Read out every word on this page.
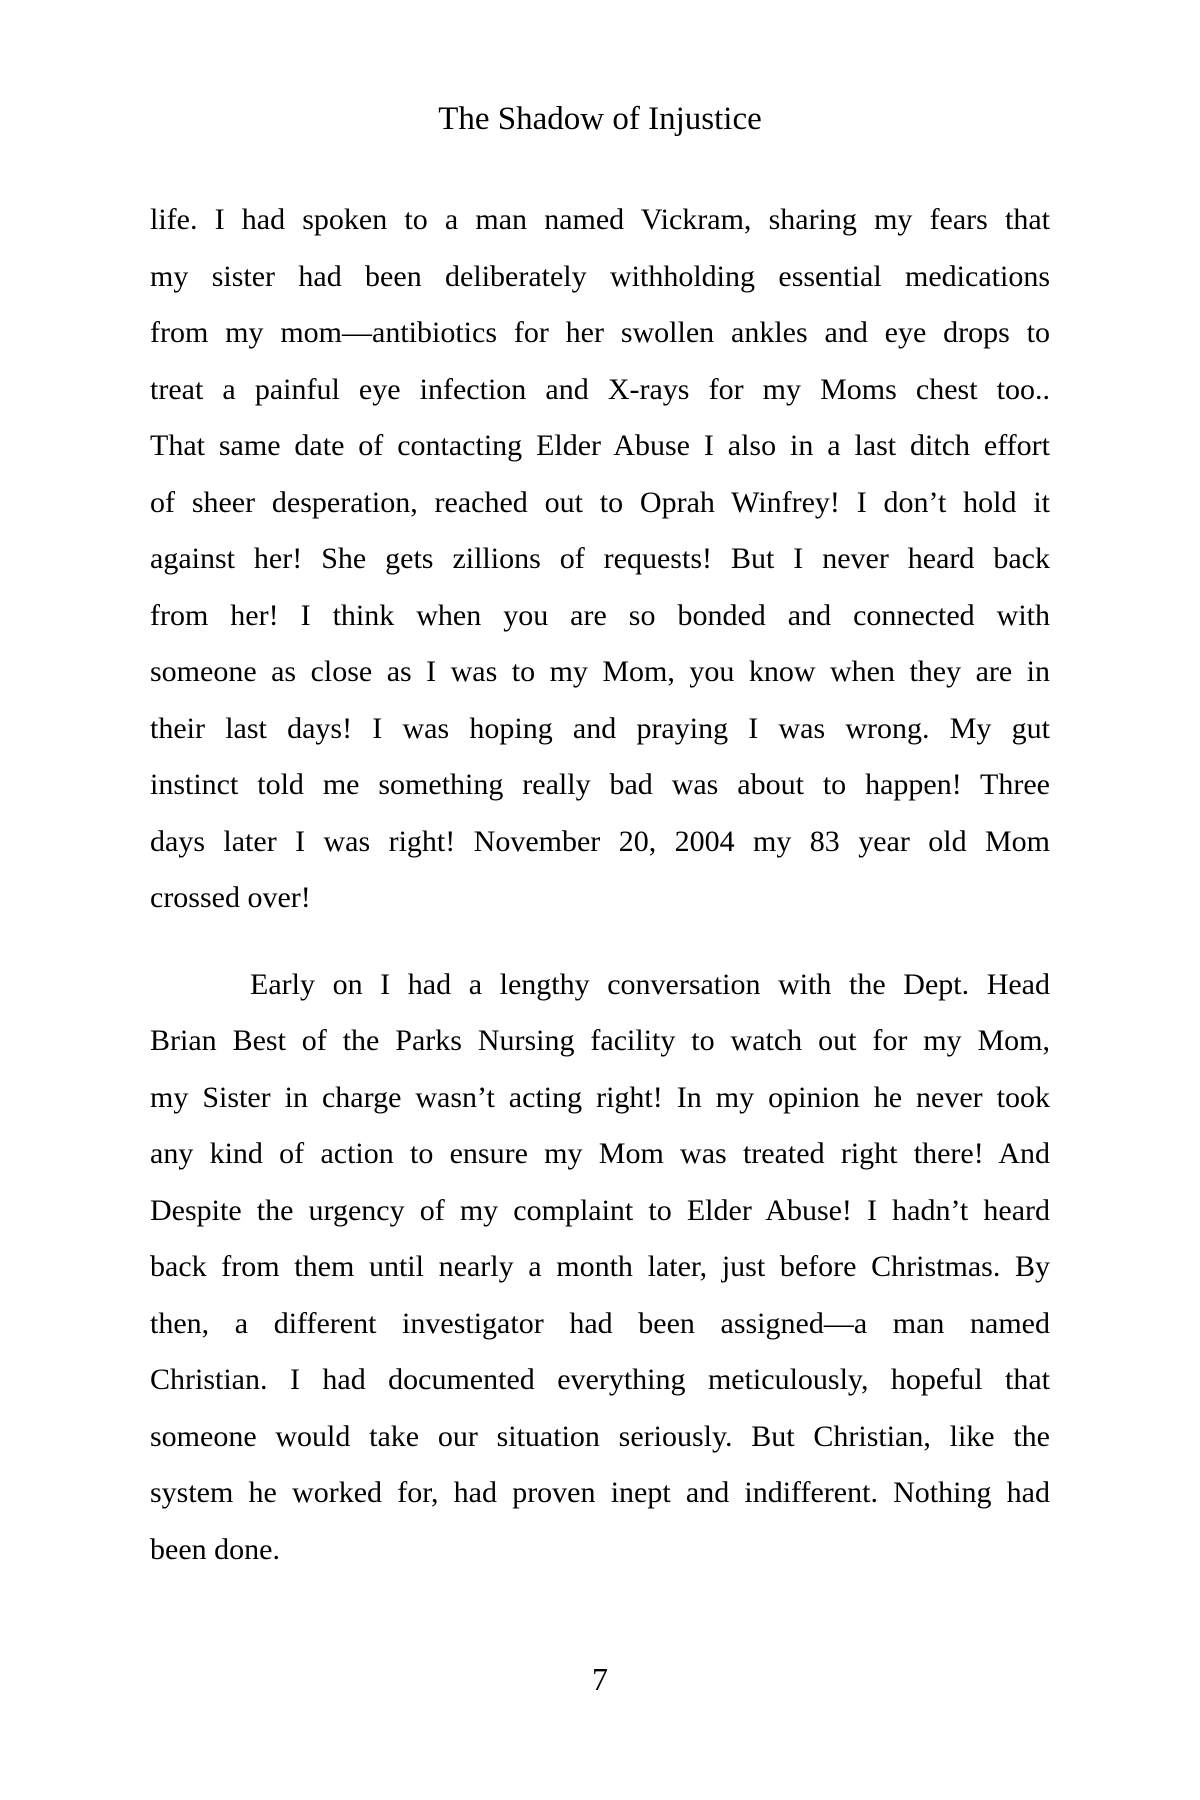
The Shadow of Injustice
life. I had spoken to a man named Vickram, sharing my fears that
my sister had been deliberately withholding essential medications
from my mom—antibiotics for her swollen ankles and eye drops to
treat a painful eye infection and X-rays for my Moms chest too..
That same date of contacting Elder Abuse I also in a last ditch effort
of sheer desperation, reached out to Oprah Winfrey! I don’t hold it
against her! She gets zillions of requests! But I never heard back
from her! I think when you are so bonded and connected with
someone as close as I was to my Mom, you know when they are in
their last days! I was hoping and praying I was wrong. My gut
instinct told me something really bad was about to happen! Three
days later I was right! November 20, 2004 my 83 year old Mom
crossed over!
Early on I had a lengthy conversation with the Dept. Head
Brian Best of the Parks Nursing facility to watch out for my Mom,
my Sister in charge wasn’t acting right! In my opinion he never took
any kind of action to ensure my Mom was treated right there! And
Despite the urgency of my complaint to Elder Abuse! I hadn’t heard
back from them until nearly a month later, just before Christmas. By
then, a different investigator had been assigned—a man named
Christian. I had documented everything meticulously, hopeful that
someone would take our situation seriously. But Christian, like the
system he worked for, had proven inept and indifferent. Nothing had
been done.
7
